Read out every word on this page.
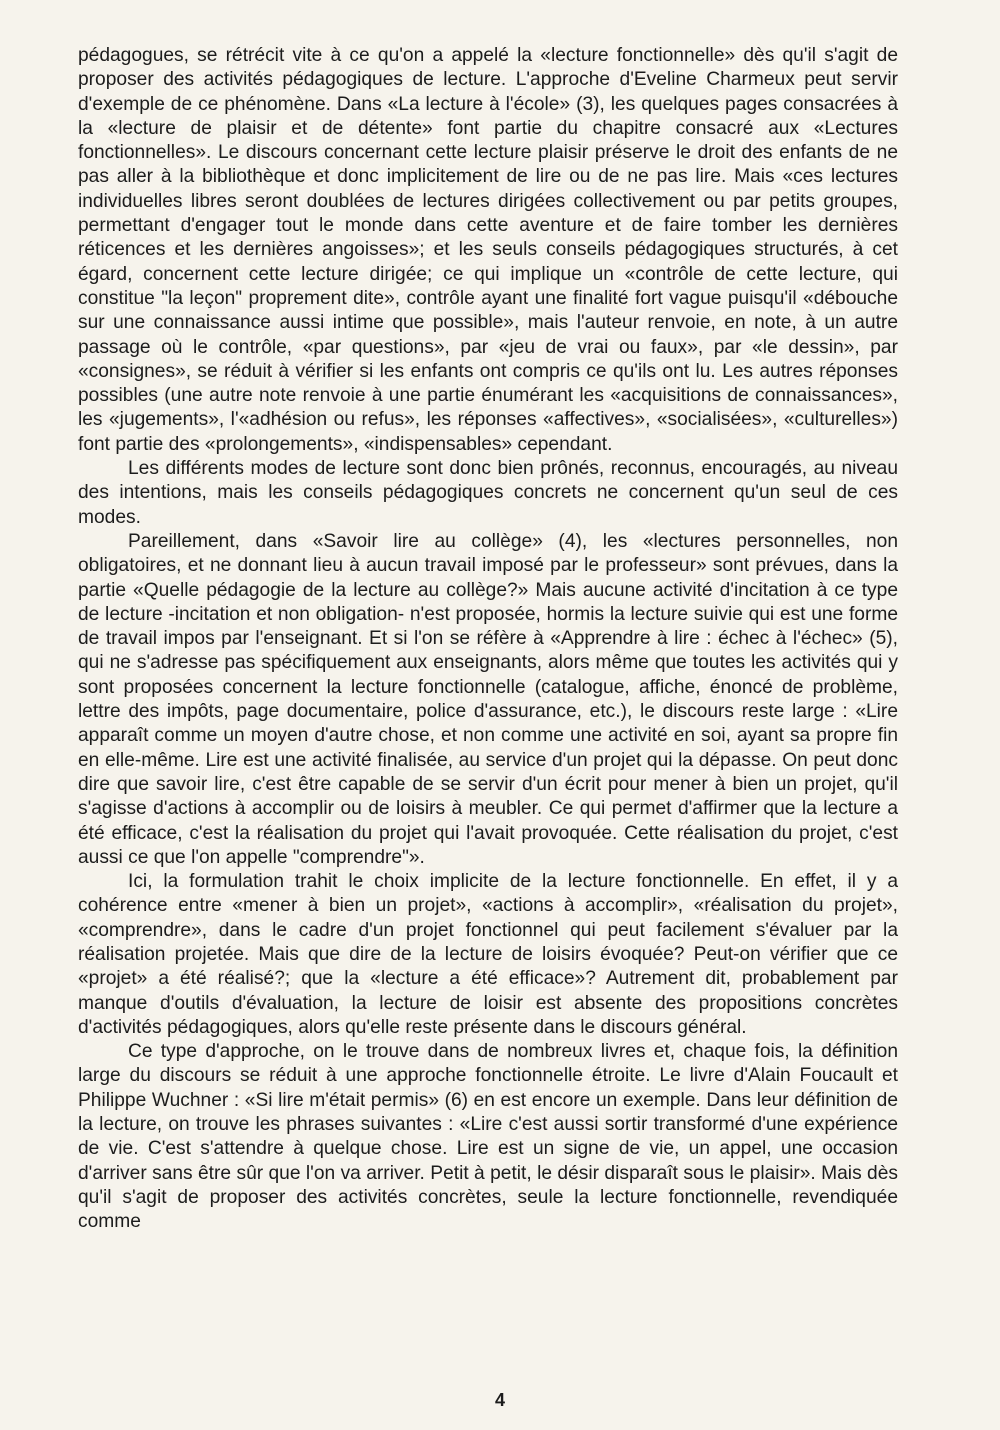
pédagogues, se rétrécit vite à ce qu'on a appelé la «lecture fonctionnelle» dès qu'il s'agit de proposer des activités pédagogiques de lecture. L'approche d'Eveline Charmeux peut servir d'exemple de ce phénomène. Dans «La lecture à l'école» (3), les quelques pages consacrées à la «lecture de plaisir et de détente» font partie du chapitre consacré aux «Lectures fonctionnelles». Le discours concernant cette lecture plaisir préserve le droit des enfants de ne pas aller à la bibliothèque et donc implicitement de lire ou de ne pas lire. Mais «ces lectures individuelles libres seront doublées de lectures dirigées collectivement ou par petits groupes, permettant d'engager tout le monde dans cette aventure et de faire tomber les dernières réticences et les dernières angoisses»; et les seuls conseils pédagogiques structurés, à cet égard, concernent cette lecture dirigée; ce qui implique un «contrôle de cette lecture, qui constitue "la leçon" proprement dite», contrôle ayant une finalité fort vague puisqu'il «débouche sur une connaissance aussi intime que possible», mais l'auteur renvoie, en note, à un autre passage où le contrôle, «par questions», par «jeu de vrai ou faux», par «le dessin», par «consignes», se réduit à vérifier si les enfants ont compris ce qu'ils ont lu. Les autres réponses possibles (une autre note renvoie à une partie énumérant les «acquisitions de connaissances», les «jugements», l'«adhésion ou refus», les réponses «affectives», «socialisées», «culturelles») font partie des «prolongements», «indispensables» cependant.

Les différents modes de lecture sont donc bien prônés, reconnus, encouragés, au niveau des intentions, mais les conseils pédagogiques concrets ne concernent qu'un seul de ces modes.

Pareillement, dans «Savoir lire au collège» (4), les «lectures personnelles, non obligatoires, et ne donnant lieu à aucun travail imposé par le professeur» sont prévues, dans la partie «Quelle pédagogie de la lecture au collège?» Mais aucune activité d'incitation à ce type de lecture -incitation et non obligation- n'est proposée, hormis la lecture suivie qui est une forme de travail impos par l'enseignant. Et si l'on se réfère à «Apprendre à lire : échec à l'échec» (5), qui ne s'adresse pas spécifiquement aux enseignants, alors même que toutes les activités qui y sont proposées concernent la lecture fonctionnelle (catalogue, affiche, énoncé de problème, lettre des impôts, page documentaire, police d'assurance, etc.), le discours reste large : «Lire apparaît comme un moyen d'autre chose, et non comme une activité en soi, ayant sa propre fin en elle-même. Lire est une activité finalisée, au service d'un projet qui la dépasse. On peut donc dire que savoir lire, c'est être capable de se servir d'un écrit pour mener à bien un projet, qu'il s'agisse d'actions à accomplir ou de loisirs à meubler. Ce qui permet d'affirmer que la lecture a été efficace, c'est la réalisation du projet qui l'avait provoquée. Cette réalisation du projet, c'est aussi ce que l'on appelle "comprendre"».

Ici, la formulation trahit le choix implicite de la lecture fonctionnelle. En effet, il y a cohérence entre «mener à bien un projet», «actions à accomplir», «réalisation du projet», «comprendre», dans le cadre d'un projet fonctionnel qui peut facilement s'évaluer par la réalisation projetée. Mais que dire de la lecture de loisirs évoquée? Peut-on vérifier que ce «projet» a été réalisé?; que la «lecture a été efficace»? Autrement dit, probablement par manque d'outils d'évaluation, la lecture de loisir est absente des propositions concrètes d'activités pédagogiques, alors qu'elle reste présente dans le discours général.

Ce type d'approche, on le trouve dans de nombreux livres et, chaque fois, la définition large du discours se réduit à une approche fonctionnelle étroite. Le livre d'Alain Foucault et Philippe Wuchner : «Si lire m'était permis» (6) en est encore un exemple. Dans leur définition de la lecture, on trouve les phrases suivantes : «Lire c'est aussi sortir transformé d'une expérience de vie. C'est s'attendre à quelque chose. Lire est un signe de vie, un appel, une occasion d'arriver sans être sûr que l'on va arriver. Petit à petit, le désir disparaît sous le plaisir». Mais dès qu'il s'agit de proposer des activités concrètes, seule la lecture fonctionnelle, revendiquée comme

4
